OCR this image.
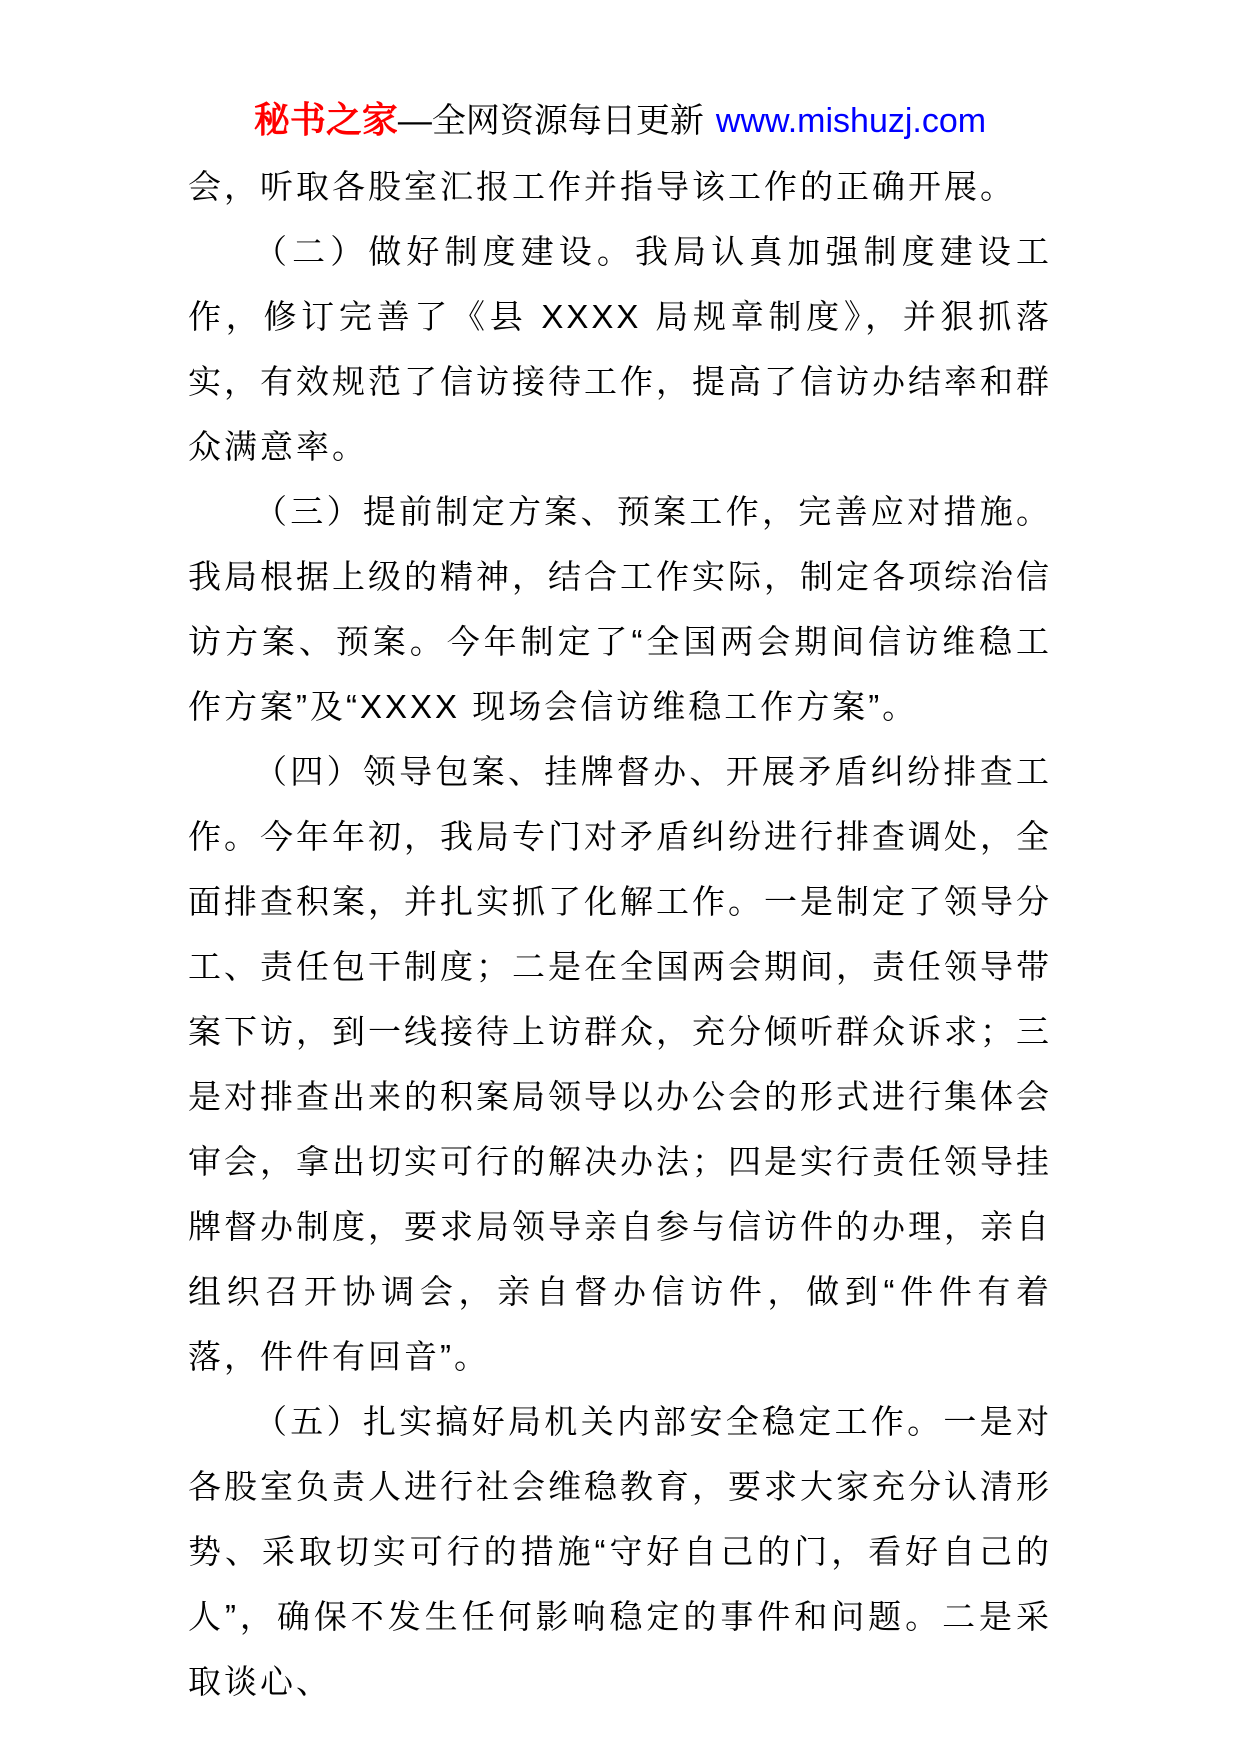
秘书之家—全网资源每日更新 www.mishuzj.com

会，听取各股室汇报工作并指导该工作的正确开展。

（二）做好制度建设。我局认真加强制度建设工作，修订完善了《县 XXXX 局规章制度》，并狠抓落实，有效规范了信访接待工作，提高了信访办结率和群众满意率。

（三）提前制定方案、预案工作，完善应对措施。我局根据上级的精神，结合工作实际，制定各项综治信访方案、预案。今年制定了“全国两会期间信访维稳工作方案”及“XXXX 现场会信访维稳工作方案”。

（四）领导包案、挂牌督办、开展矛盾纠纷排查工作。今年年初，我局专门对矛盾纠纷进行排查调处，全面排查积案，并扎实抓了化解工作。一是制定了领导分工、责任包干制度；二是在全国两会期间，责任领导带案下访，到一线接待上访群众，充分倾听群众诉求；三是对排查出来的积案局领导以办公会的形式进行集体会审会，拿出切实可行的解决办法；四是实行责任领导挂牌督办制度，要求局领导亲自参与信访件的办理，亲自组织召开协调会，亲自督办信访件，做到“件件有着落，件件有回音”。

（五）扎实搞好局机关内部安全稳定工作。一是对各股室负责人进行社会维稳教育，要求大家充分认清形势、采取切实可行的措施“守好自己的门，看好自己的人”，确保不发生任何影响稳定的事件和问题。二是采取谈心、
